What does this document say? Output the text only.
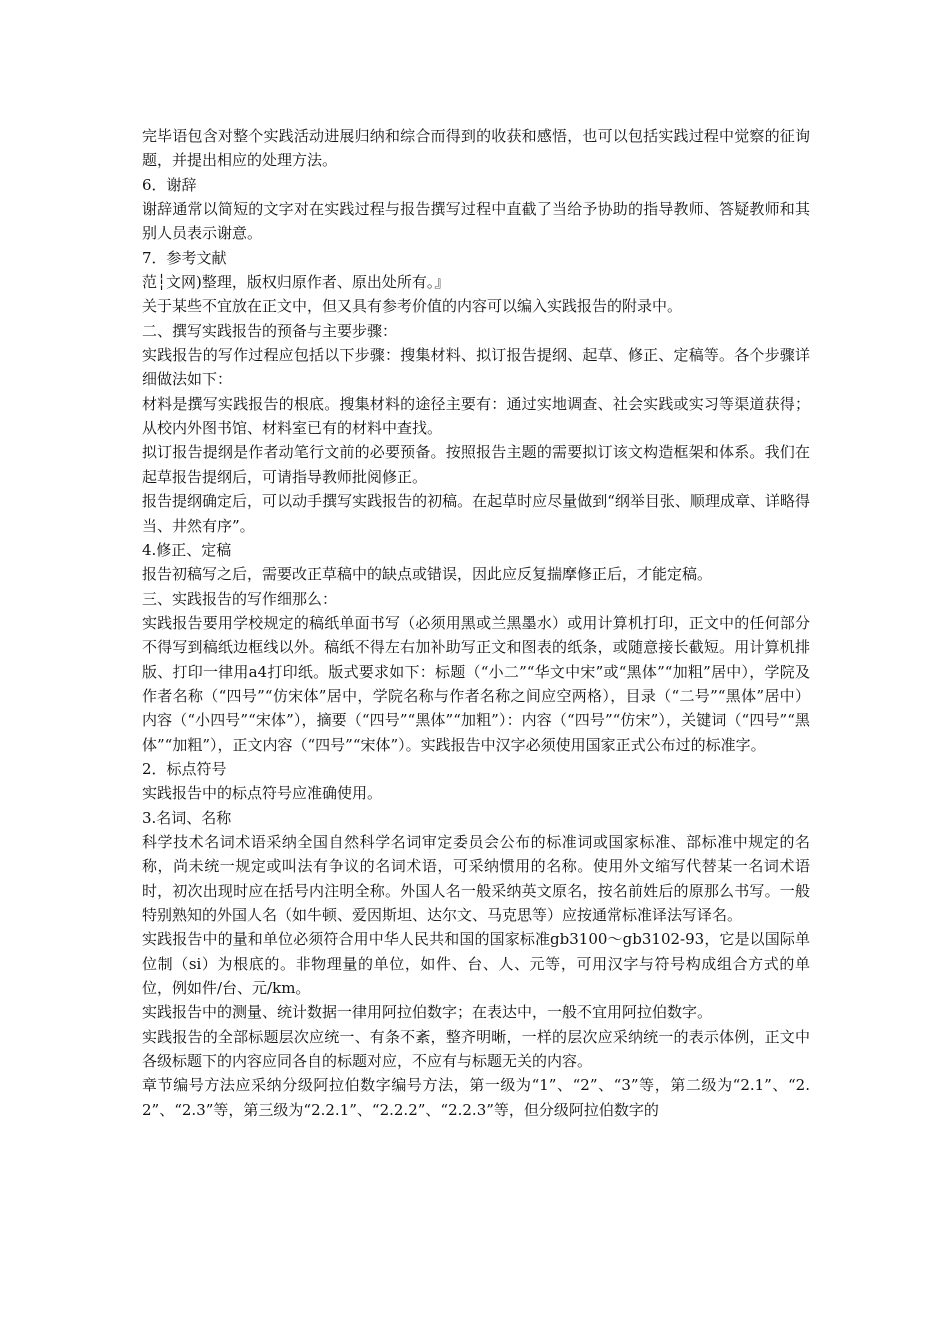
完毕语包含对整个实践活动进展归纳和综合而得到的收获和感悟，也可以包括实践过程中觉察的征询题，并提出相应的处理方法。

6．谢辞

谢辞通常以简短的文字对在实践过程与报告撰写过程中直截了当给予协助的指导教师、答疑教师和其别人员表示谢意。

7．参考文献

范┆文网)整理，版权归原作者、原出处所有。』

关于某些不宜放在正文中，但又具有参考价值的内容可以编入实践报告的附录中。

二、撰写实践报告的预备与主要步骤：

实践报告的写作过程应包括以下步骤：搜集材料、拟订报告提纲、起草、修正、定稿等。各个步骤详细做法如下：

材料是撰写实践报告的根底。搜集材料的途径主要有：通过实地调查、社会实践或实习等渠道获得；从校内外图书馆、材料室已有的材料中查找。

拟订报告提纲是作者动笔行文前的必要预备。按照报告主题的需要拟订该文构造框架和体系。我们在起草报告提纲后，可请指导教师批阅修正。

报告提纲确定后，可以动手撰写实践报告的初稿。在起草时应尽量做到“纲举目张、顺理成章、详略得当、井然有序”。

4.修正、定稿

报告初稿写之后，需要改正草稿中的缺点或错误，因此应反复揣摩修正后，才能定稿。

三、实践报告的写作细那么：

实践报告要用学校规定的稿纸单面书写（必须用黑或兰黑墨水）或用计算机打印，正文中的任何部分不得写到稿纸边框线以外。稿纸不得左右加补助写正文和图表的纸条，或随意接长截短。用计算机排版、打印一律用a4打印纸。版式要求如下：标题（“小二”“华文中宋”或“黑体”“加粗”居中），学院及作者名称（“四号”“仿宋体”居中，学院名称与作者名称之间应空两格），目录（“二号”“黑体”居中）内容（“小四号”“宋体”），摘要（“四号”“黑体”“加粗”）：内容（“四号”“仿宋”），关键词（“四号”“黑体”“加粗”），正文内容（“四号”“宋体”）。实践报告中汉字必须使用国家正式公布过的标准字。

2．标点符号

实践报告中的标点符号应准确使用。

3.名词、名称

科学技术名词术语采纳全国自然科学名词审定委员会公布的标准词或国家标准、部标准中规定的名称，尚未统一规定或叫法有争议的名词术语，可采纳惯用的名称。使用外文缩写代替某一名词术语时，初次出现时应在括号内注明全称。外国人名一般采纳英文原名，按名前姓后的原那么书写。一般特别熟知的外国人名（如牛顿、爱因斯坦、达尔文、马克思等）应按通常标准译法写译名。

实践报告中的量和单位必须符合用中华人民共和国的国家标准gb3100～gb3102-93，它是以国际单位制（si）为根底的。非物理量的单位，如件、台、人、元等，可用汉字与符号构成组合方式的单位，例如件/台、元/km。

实践报告中的测量、统计数据一律用阿拉伯数字；在表达中，一般不宜用阿拉伯数字。

实践报告的全部标题层次应统一、有条不紊，整齐明晰，一样的层次应采纳统一的表示体例，正文中各级标题下的内容应同各自的标题对应，不应有与标题无关的内容。

章节编号方法应采纳分级阿拉伯数字编号方法，第一级为“1”、“2”、“3”等，第二级为“2.1”、“2.2”、“2.3”等，第三级为“2.2.1”、“2.2.2”、“2.2.3”等，但分级阿拉伯数字的
